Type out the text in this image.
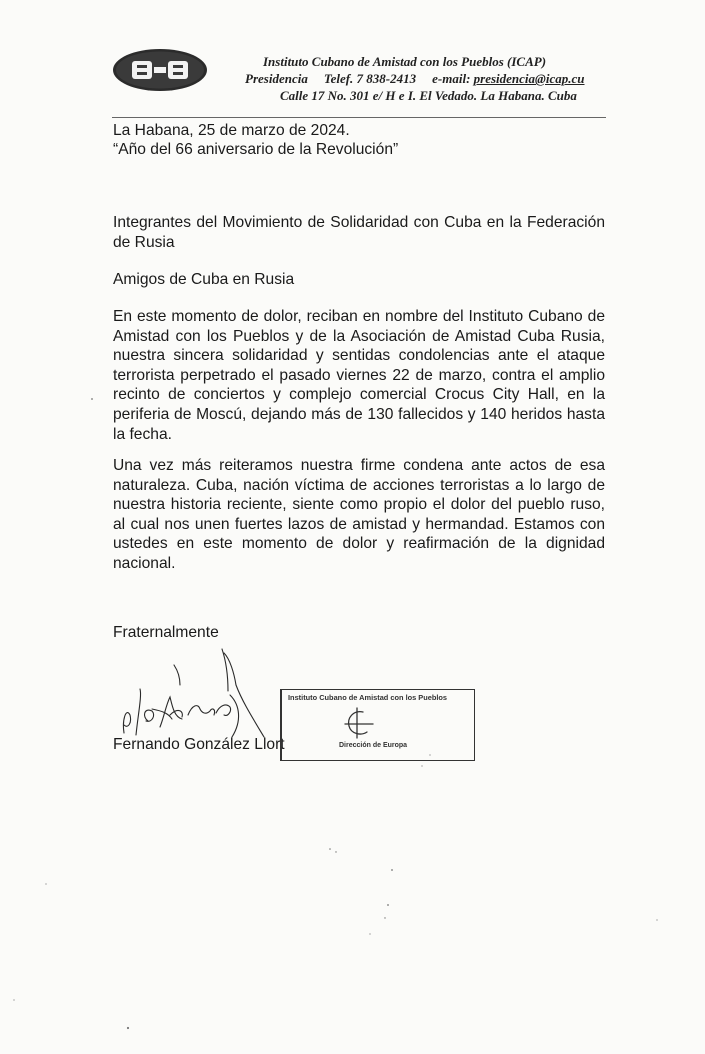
Instituto Cubano de Amistad con los Pueblos (ICAP)
Presidencia Telef. 7 838-2413 e-mail: presidencia@icap.cu
Calle 17 No. 301 e/ H e I. El Vedado. La Habana. Cuba
La Habana, 25 de marzo de 2024.
“Año del 66 aniversario de la Revolución”
Integrantes del Movimiento de Solidaridad con Cuba en la Federación de Rusia
Amigos de Cuba en Rusia
En este momento de dolor, reciban en nombre del Instituto Cubano de Amistad con los Pueblos y de la Asociación de Amistad Cuba Rusia, nuestra sincera solidaridad y sentidas condolencias ante el ataque terrorista perpetrado el pasado viernes 22 de marzo, contra el amplio recinto de conciertos y complejo comercial Crocus City Hall, en la periferia de Moscú, dejando más de 130 fallecidos y 140 heridos hasta la fecha.
Una vez más reiteramos nuestra firme condena ante actos de esa naturaleza. Cuba, nación víctima de acciones terroristas a lo largo de nuestra historia reciente, siente como propio el dolor del pueblo ruso, al cual nos unen fuertes lazos de amistad y hermandad. Estamos con ustedes en este momento de dolor y reafirmación de la dignidad nacional.
Fraternalmente
Fernando González Llort
Instituto Cubano de Amistad con los Pueblos
Dirección de Europa
